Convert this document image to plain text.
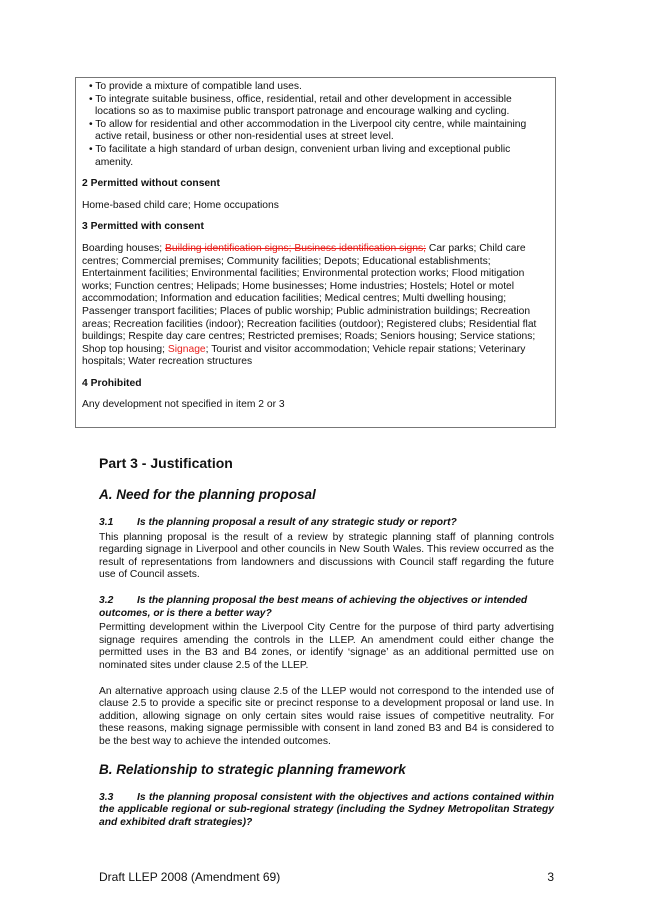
• To provide a mixture of compatible land uses.
• To integrate suitable business, office, residential, retail and other development in accessible locations so as to maximise public transport patronage and encourage walking and cycling.
• To allow for residential and other accommodation in the Liverpool city centre, while maintaining active retail, business or other non-residential uses at street level.
• To facilitate a high standard of urban design, convenient urban living and exceptional public amenity.
2 Permitted without consent
Home-based child care; Home occupations
3 Permitted with consent
Boarding houses; Building identification signs; Business identification signs; Car parks; Child care centres; Commercial premises; Community facilities; Depots; Educational establishments; Entertainment facilities; Environmental facilities; Environmental protection works; Flood mitigation works; Function centres; Helipads; Home businesses; Home industries; Hostels; Hotel or motel accommodation; Information and education facilities; Medical centres; Multi dwelling housing; Passenger transport facilities; Places of public worship; Public administration buildings; Recreation areas; Recreation facilities (indoor); Recreation facilities (outdoor); Registered clubs; Residential flat buildings; Respite day care centres; Restricted premises; Roads; Seniors housing; Service stations; Shop top housing; Signage; Tourist and visitor accommodation; Vehicle repair stations; Veterinary hospitals; Water recreation structures
4 Prohibited
Any development not specified in item 2 or 3
Part 3 - Justification
A. Need for the planning proposal
3.1 Is the planning proposal a result of any strategic study or report?
This planning proposal is the result of a review by strategic planning staff of planning controls regarding signage in Liverpool and other councils in New South Wales. This review occurred as the result of representations from landowners and discussions with Council staff regarding the future use of Council assets.
3.2 Is the planning proposal the best means of achieving the objectives or intended outcomes, or is there a better way?
Permitting development within the Liverpool City Centre for the purpose of third party advertising signage requires amending the controls in the LLEP. An amendment could either change the permitted uses in the B3 and B4 zones, or identify ‘signage’ as an additional permitted use on nominated sites under clause 2.5 of the LLEP.
An alternative approach using clause 2.5 of the LLEP would not correspond to the intended use of clause 2.5 to provide a specific site or precinct response to a development proposal or land use. In addition, allowing signage on only certain sites would raise issues of competitive neutrality. For these reasons, making signage permissible with consent in land zoned B3 and B4 is considered to be the best way to achieve the intended outcomes.
B. Relationship to strategic planning framework
3.3 Is the planning proposal consistent with the objectives and actions contained within the applicable regional or sub-regional strategy (including the Sydney Metropolitan Strategy and exhibited draft strategies)?
Draft LLEP 2008 (Amendment 69)	3
